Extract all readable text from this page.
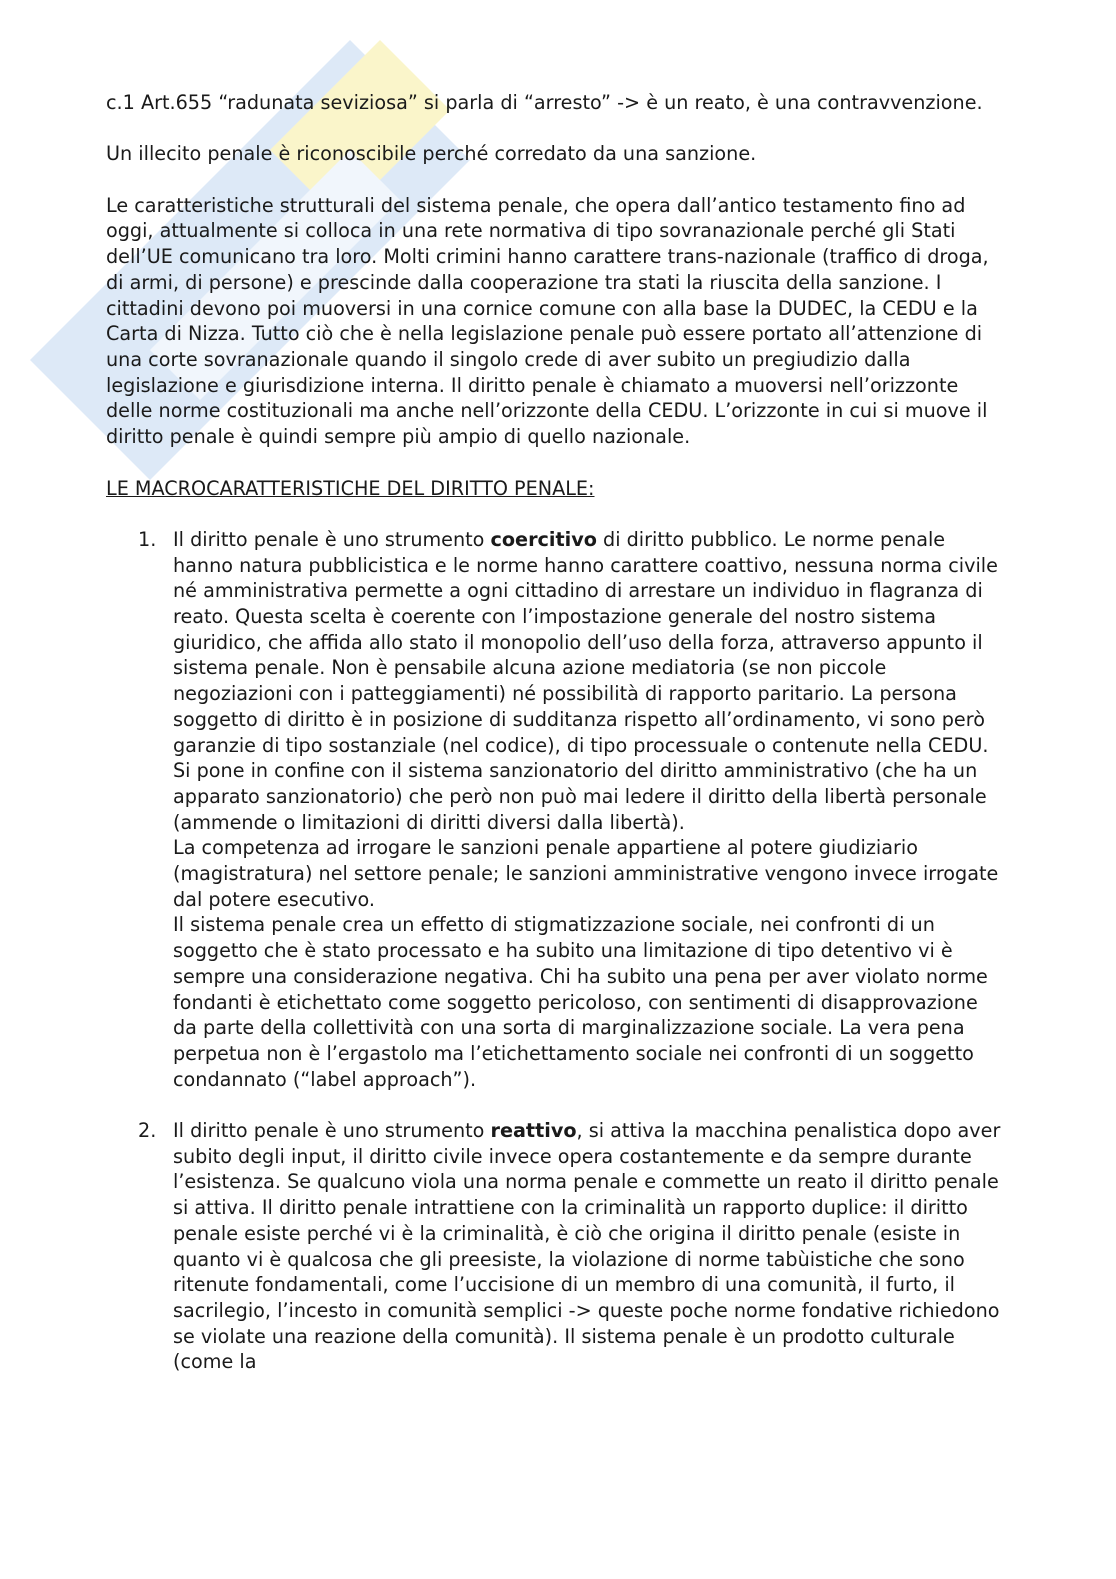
c.1 Art.655 “radunata seviziosa” si parla di “arresto” -> è un reato, è una contravvenzione.

Un illecito penale è riconoscibile perché corredato da una sanzione.

Le caratteristiche strutturali del sistema penale, che opera dall’antico testamento fino ad oggi, attualmente si colloca in una rete normativa di tipo sovranazionale perché gli Stati dell’UE comunicano tra loro. Molti crimini hanno carattere trans-nazionale (traffico di droga, di armi, di persone) e prescinde dalla cooperazione tra stati la riuscita della sanzione. I cittadini devono poi muoversi in una cornice comune con alla base la DUDEC, la CEDU e la Carta di Nizza. Tutto ciò che è nella legislazione penale può essere portato all’attenzione di una corte sovranazionale quando il singolo crede di aver subito un pregiudizio dalla legislazione e giurisdizione interna. Il diritto penale è chiamato a muoversi nell’orizzonte delle norme costituzionali ma anche nell’orizzonte della CEDU. L’orizzonte in cui si muove il diritto penale è quindi sempre più ampio di quello nazionale.

LE MACROCARATTERISTICHE DEL DIRITTO PENALE:

1. Il diritto penale è uno strumento coercitivo di diritto pubblico. Le norme penale hanno natura pubblicistica e le norme hanno carattere coattivo, nessuna norma civile né amministrativa permette a ogni cittadino di arrestare un individuo in flagranza di reato. Questa scelta è coerente con l’impostazione generale del nostro sistema giuridico, che affida allo stato il monopolio dell’uso della forza, attraverso appunto il sistema penale. Non è pensabile alcuna azione mediatoria (se non piccole negoziazioni con i patteggiamenti) né possibilità di rapporto paritario. La persona soggetto di diritto è in posizione di sudditanza rispetto all’ordinamento, vi sono però garanzie di tipo sostanziale (nel codice), di tipo processuale o contenute nella CEDU. Si pone in confine con il sistema sanzionatorio del diritto amministrativo (che ha un apparato sanzionatorio) che però non può mai ledere il diritto della libertà personale (ammende o limitazioni di diritti diversi dalla libertà).
La competenza ad irrogare le sanzioni penale appartiene al potere giudiziario (magistratura) nel settore penale; le sanzioni amministrative vengono invece irrogate dal potere esecutivo.
Il sistema penale crea un effetto di stigmatizzazione sociale, nei confronti di un soggetto che è stato processato e ha subito una limitazione di tipo detentivo vi è sempre una considerazione negativa. Chi ha subito una pena per aver violato norme fondanti è etichettato come soggetto pericoloso, con sentimenti di disapprovazione da parte della collettività con una sorta di marginalizzazione sociale. La vera pena perpetua non è l’ergastolo ma l’etichettamento sociale nei confronti di un soggetto condannato (“label approach”).
2. Il diritto penale è uno strumento reattivo, si attiva la macchina penalistica dopo aver subito degli input, il diritto civile invece opera costantemente e da sempre durante l’esistenza. Se qualcuno viola una norma penale e commette un reato il diritto penale si attiva. Il diritto penale intrattiene con la criminalità un rapporto duplice: il diritto penale esiste perché vi è la criminalità, è ciò che origina il diritto penale (esiste in quanto vi è qualcosa che gli preesiste, la violazione di norme tabùistiche che sono ritenute fondamentali, come l’uccisione di un membro di una comunità, il furto, il sacrilegio, l’incesto in comunità semplici -> queste poche norme fondative richiedono se violate una reazione della comunità). Il sistema penale è un prodotto culturale (come la
